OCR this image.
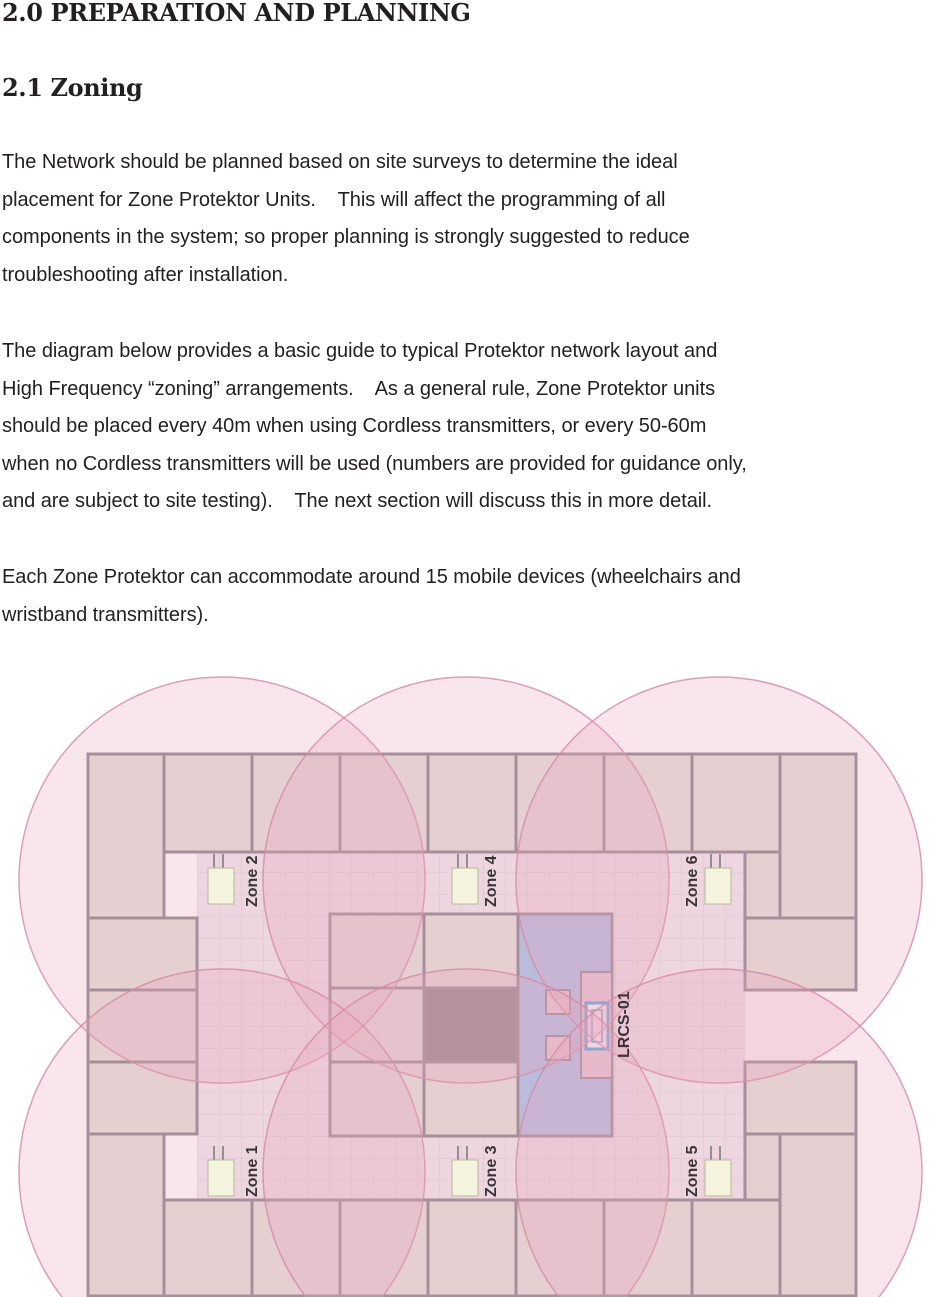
2.0 PREPARATION AND PLANNING
2.1 Zoning

The Network should be planned based on site surveys to determine the ideal
placement for Zone Protektor Units.    This will affect the programming of all
components in the system; so proper planning is strongly suggested to reduce
troubleshooting after installation.

The diagram below provides a basic guide to typical Protektor network layout and
High Frequency “zoning” arrangements.    As a general rule, Zone Protektor units
should be placed every 40m when using Cordless transmitters, or every 50-60m
when no Cordless transmitters will be used (numbers are provided for guidance only,
and are subject to site testing).    The next section will discuss this in more detail.

Each Zone Protektor can accommodate around 15 mobile devices (wheelchairs and
wristband transmitters).

Zone 2	Zone 4	Zone 6
Zone 1	Zone 3	Zone 5
LRCS-01
